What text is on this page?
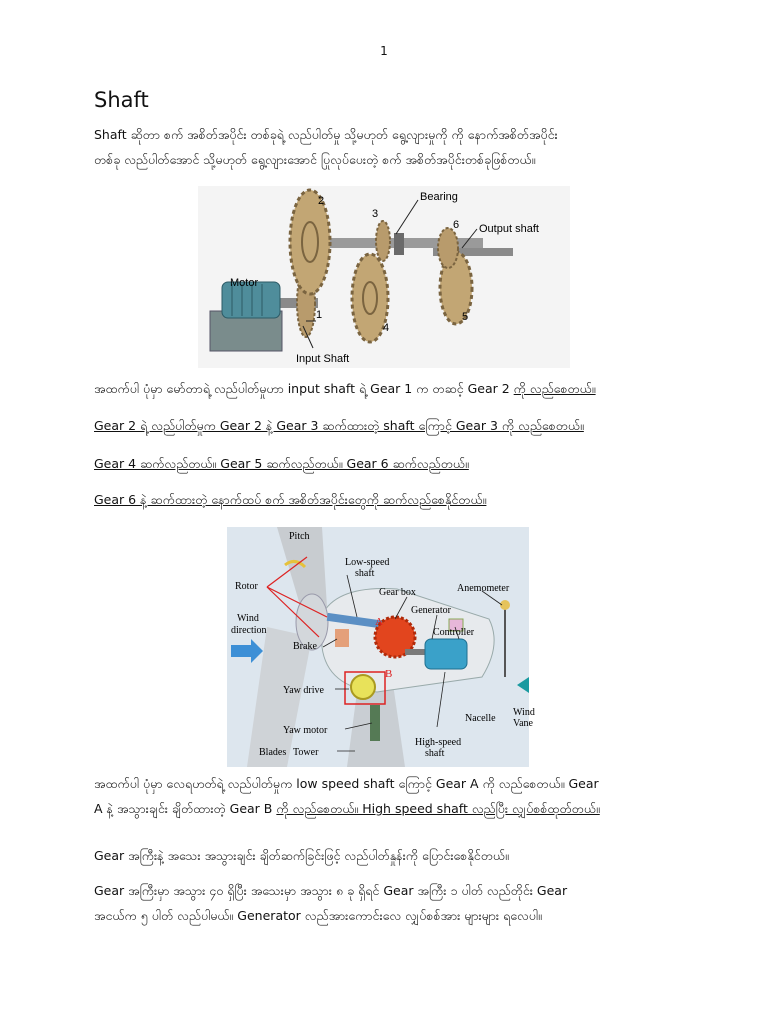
1
Shaft

Shaft ဆိုတာ စက် အစိတ်အပိုင်း တစ်ခုရဲ့ လည်ပါတ်မှု သို့မဟုတ် ရွေ့လျားမှုကို ကို နောက်အစိတ်အပိုင်း
တစ်ခု လည်ပါတ်အောင် သို့မဟုတ် ရွေ့လျားအောင် ပြုလုပ်ပေးတဲ့ စက် အစိတ်အပိုင်းတစ်ခုဖြစ်တယ်။

Bearing
Output shaft
Motor
Input Shaft
1
2
3
4
5
6

အထက်ပါ ပုံမှာ မော်တာရဲ့ လည်ပါတ်မှုဟာ input shaft ရဲ့ Gear 1 က တဆင့် Gear 2 ကို လည်စေတယ်။

Gear 2 ရဲ့ လည်ပါတ်မှုက Gear 2 နဲ့ Gear 3 ဆက်ထားတဲ့ shaft ကြောင့် Gear 3 ကို လည်စေတယ်။

Gear 4 ဆက်လည်တယ်။ Gear 5 ဆက်လည်တယ်။ Gear 6 ဆက်လည်တယ်။

Gear 6 နဲ့ ဆက်ထားတဲ့ နောက်ထပ် စက် အစိတ်အပိုင်းတွေကို ဆက်လည်စေနိုင်တယ်။

Pitch
Low-speed
shaft
Gear box	Anemometer
Rotor
Generator
Wind
direction	Controller
Brake
A
B
Yaw drive
Wind
Vane
Nacelle
Yaw motor
High-speed
shaft
Blades Tower

အထက်ပါ ပုံမှာ လေရဟတ်ရဲ့ လည်ပါတ်မှုက low speed shaft ကြောင့် Gear A ကို လည်စေတယ်။ Gear
A နဲ့ အသွားချင်း ချိတ်ထားတဲ့ Gear B ကို လည်စေတယ်။ High speed shaft လည်ပြီး လျှပ်စစ်ထုတ်တယ်။

Gear အကြီးနဲ့ အသေး အသွားချင်း ချိတ်ဆက်ခြင်းဖြင့် လည်ပါတ်နှုန်းကို ပြောင်းစေနိုင်တယ်။

Gear အကြီးမှာ အသွား ၄၀ ရှိပြီး အသေးမှာ အသွား ၈ ခု ရှိရင် Gear အကြီး ၁ ပါတ် လည်တိုင်း Gear
အငယ်က ၅ ပါတ် လည်ပါမယ်။ Generator လည်အားကောင်းလေ လျှပ်စစ်အား များများ ရလေပါ။
